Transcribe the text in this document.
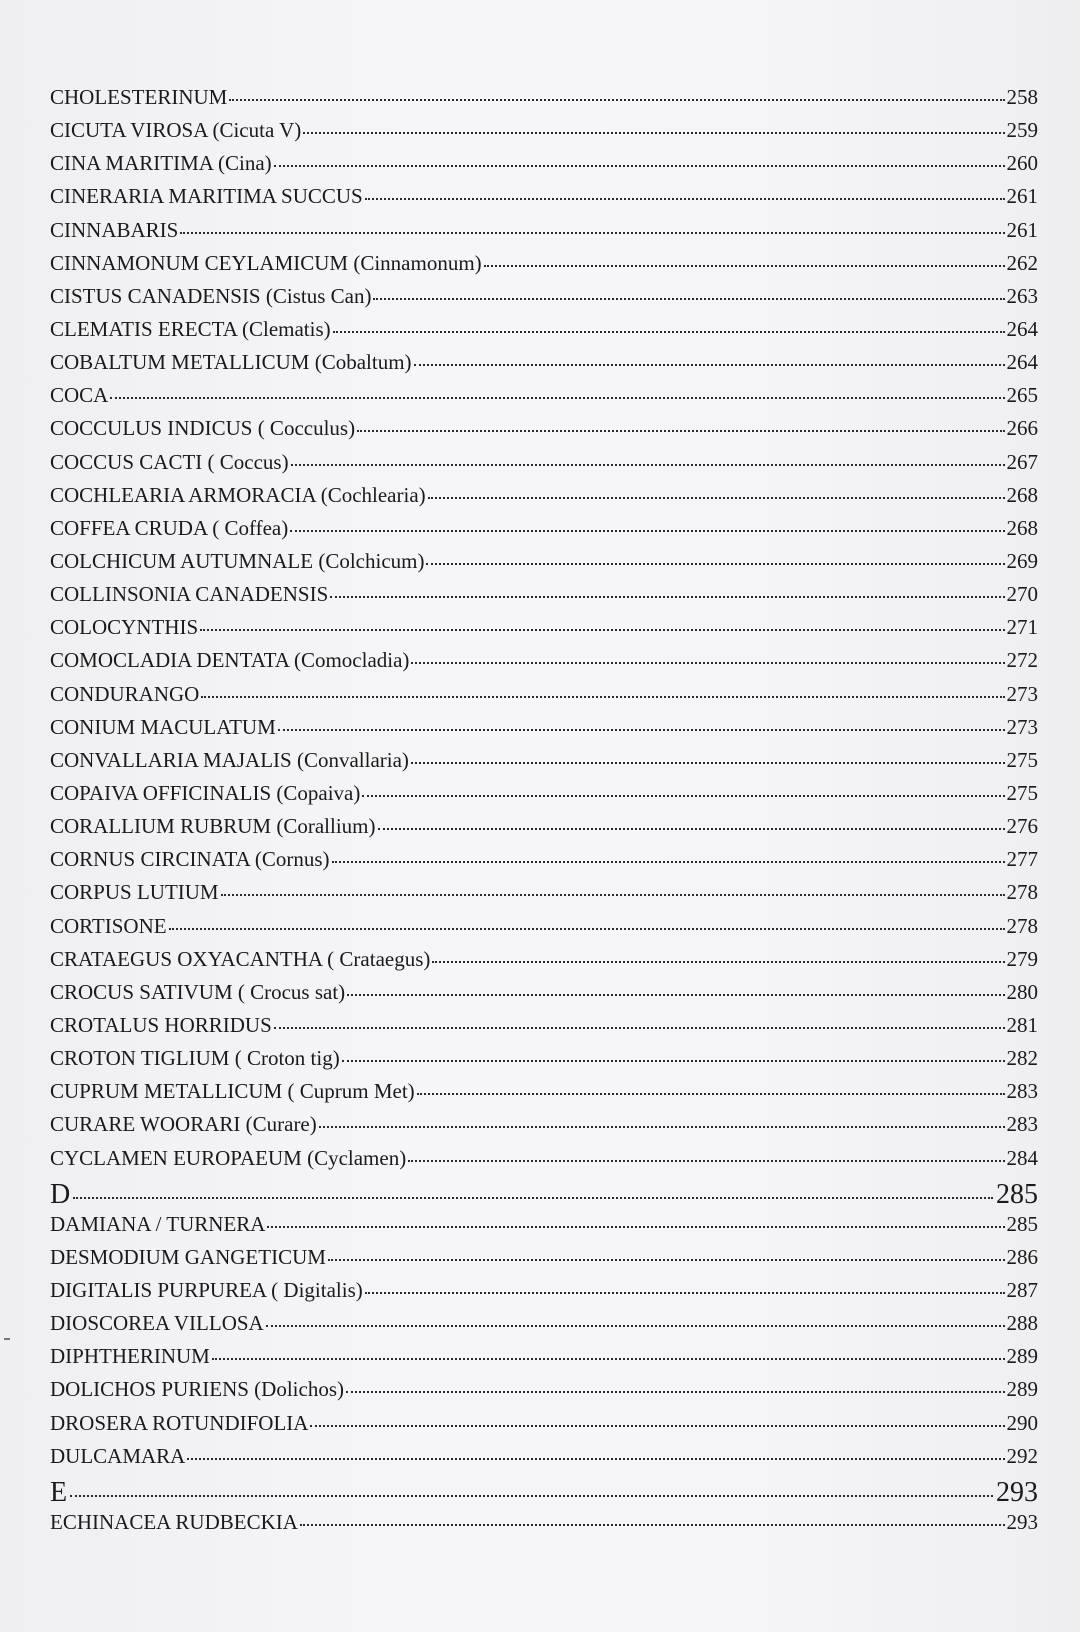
CHOLESTERINUM	258
CICUTA VIROSA (Cicuta V)	259
CINA MARITIMA (Cina)	260
CINERARIA MARITIMA SUCCUS	261
CINNABARIS	261
CINNAMONUM CEYLAMICUM (Cinnamonum)	262
CISTUS CANADENSIS (Cistus Can)	263
CLEMATIS ERECTA (Clematis)	264
COBALTUM METALLICUM (Cobaltum)	264
COCA	265
COCCULUS INDICUS ( Cocculus)	266
COCCUS CACTI ( Coccus)	267
COCHLEARIA ARMORACIA (Cochlearia)	268
COFFEA CRUDA ( Coffea)	268
COLCHICUM AUTUMNALE (Colchicum)	269
COLLINSONIA CANADENSIS	270
COLOCYNTHIS	271
COMOCLADIA DENTATA (Comocladia)	272
CONDURANGO	273
CONIUM MACULATUM	273
CONVALLARIA MAJALIS (Convallaria)	275
COPAIVA OFFICINALIS (Copaiva)	275
CORALLIUM RUBRUM (Corallium)	276
CORNUS CIRCINATA (Cornus)	277
CORPUS LUTIUM	278
CORTISONE	278
CRATAEGUS OXYACANTHA ( Crataegus)	279
CROCUS SATIVUM ( Crocus sat)	280
CROTALUS HORRIDUS	281
CROTON TIGLIUM ( Croton tig)	282
CUPRUM METALLICUM ( Cuprum Met)	283
CURARE WOORARI (Curare)	283
CYCLAMEN EUROPAEUM (Cyclamen)	284
D	285
DAMIANA / TURNERA	285
DESMODIUM GANGETICUM	286
DIGITALIS PURPUREA ( Digitalis)	287
DIOSCOREA VILLOSA	288
DIPHTHERINUM	289
DOLICHOS PURIENS (Dolichos)	289
DROSERA ROTUNDIFOLIA	290
DULCAMARA	292
E	293
ECHINACEA RUDBECKIA	293
